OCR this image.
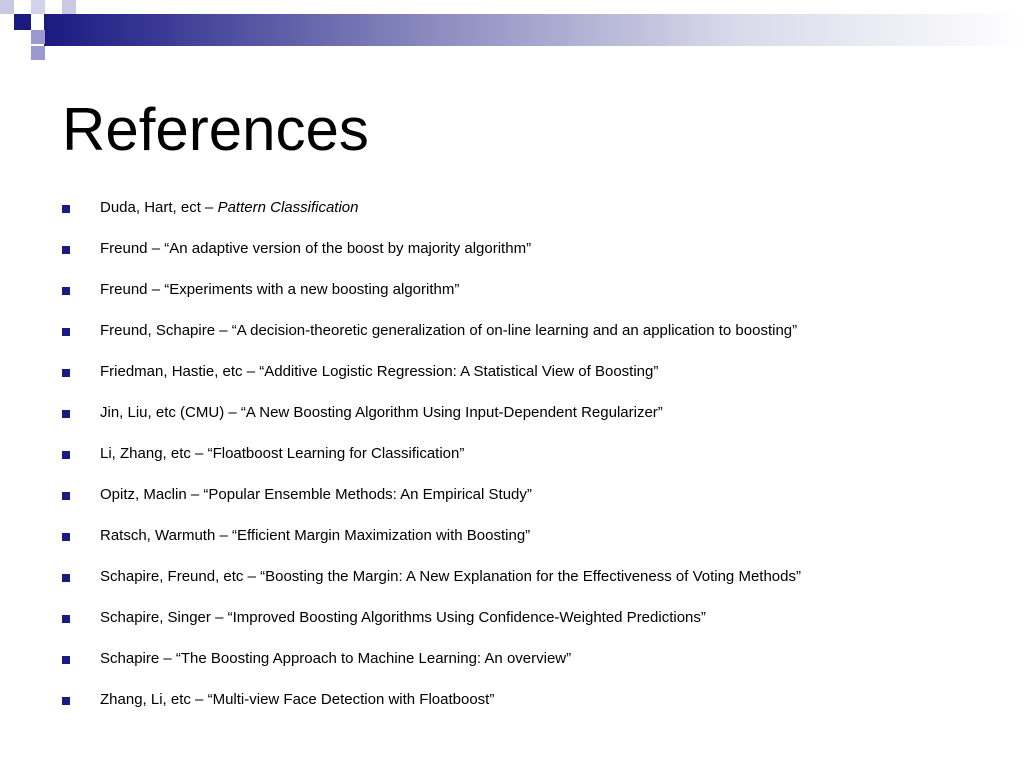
References
Duda, Hart, ect – Pattern Classification
Freund – “An adaptive version of the boost by majority algorithm”
Freund – “Experiments with a new boosting algorithm”
Freund, Schapire – “A decision-theoretic generalization of on-line learning and an application to boosting”
Friedman, Hastie, etc – “Additive Logistic Regression: A Statistical View of Boosting”
Jin, Liu, etc (CMU) – “A New Boosting Algorithm Using Input-Dependent Regularizer”
Li, Zhang, etc – “Floatboost Learning for Classification”
Opitz, Maclin – “Popular Ensemble Methods: An Empirical Study”
Ratsch, Warmuth – “Efficient Margin Maximization with Boosting”
Schapire, Freund, etc – “Boosting the Margin: A New Explanation for the Effectiveness of Voting Methods”
Schapire, Singer – “Improved Boosting Algorithms Using Confidence-Weighted Predictions”
Schapire – “The Boosting Approach to Machine Learning: An overview”
Zhang, Li, etc – “Multi-view Face Detection with Floatboost”
